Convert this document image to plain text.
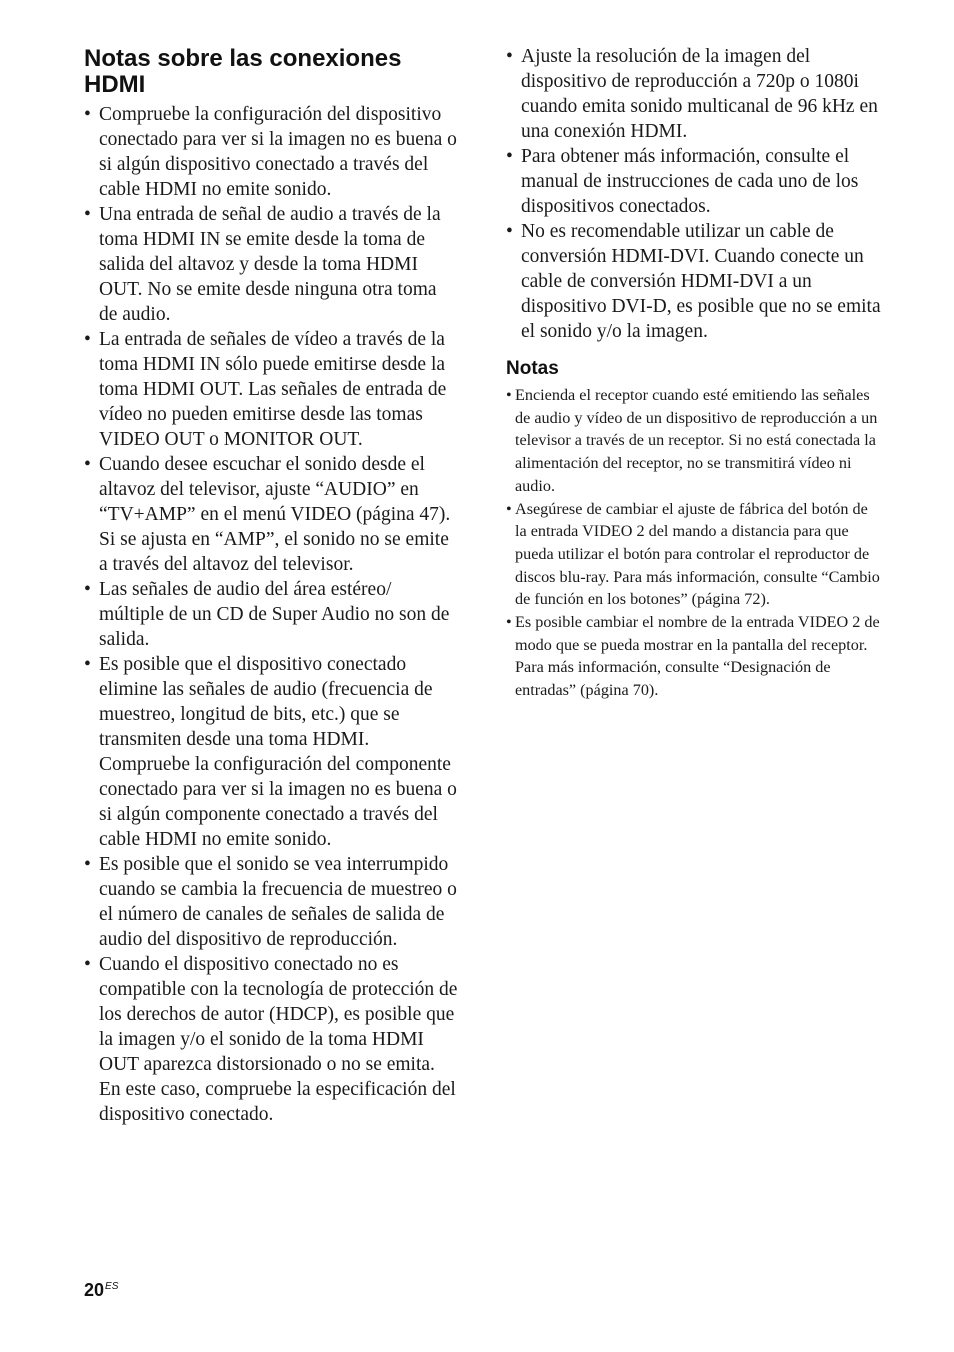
Notas sobre las conexiones
HDMI
• Compruebe la configuración del dispositivo conectado para ver si la imagen no es buena o si algún dispositivo conectado a través del cable HDMI no emite sonido.
• Una entrada de señal de audio a través de la toma HDMI IN se emite desde la toma de salida del altavoz y desde la toma HDMI OUT. No se emite desde ninguna otra toma de audio.
• La entrada de señales de vídeo a través de la toma HDMI IN sólo puede emitirse desde la toma HDMI OUT. Las señales de entrada de vídeo no pueden emitirse desde las tomas VIDEO OUT o MONITOR OUT.
• Cuando desee escuchar el sonido desde el altavoz del televisor, ajuste “AUDIO” en “TV+AMP” en el menú VIDEO (página 47). Si se ajusta en “AMP”, el sonido no se emite a través del altavoz del televisor.
• Las señales de audio del área estéreo/ múltiple de un CD de Super Audio no son de salida.
• Es posible que el dispositivo conectado elimine las señales de audio (frecuencia de muestreo, longitud de bits, etc.) que se transmiten desde una toma HDMI. Compruebe la configuración del componente conectado para ver si la imagen no es buena o si algún componente conectado a través del cable HDMI no emite sonido.
• Es posible que el sonido se vea interrumpido cuando se cambia la frecuencia de muestreo o el número de canales de señales de salida de audio del dispositivo de reproducción.
• Cuando el dispositivo conectado no es compatible con la tecnología de protección de los derechos de autor (HDCP), es posible que la imagen y/o el sonido de la toma HDMI OUT aparezca distorsionado o no se emita.
En este caso, compruebe la especificación del dispositivo conectado.
• Ajuste la resolución de la imagen del dispositivo de reproducción a 720p o 1080i cuando emita sonido multicanal de 96 kHz en una conexión HDMI.
• Para obtener más información, consulte el manual de instrucciones de cada uno de los dispositivos conectados.
• No es recomendable utilizar un cable de conversión HDMI-DVI. Cuando conecte un cable de conversión HDMI-DVI a un dispositivo DVI-D, es posible que no se emita el sonido y/o la imagen.
Notas
• Encienda el receptor cuando esté emitiendo las señales de audio y vídeo de un dispositivo de reproducción a un televisor a través de un receptor. Si no está conectada la alimentación del receptor, no se transmitirá vídeo ni audio.
• Asegúrese de cambiar el ajuste de fábrica del botón de la entrada VIDEO 2 del mando a distancia para que pueda utilizar el botón para controlar el reproductor de discos blu-ray. Para más información, consulte “Cambio de función en los botones” (página 72).
• Es posible cambiar el nombre de la entrada VIDEO 2 de modo que se pueda mostrar en la pantalla del receptor. Para más información, consulte “Designación de entradas” (página 70).
$20^{ES}$
